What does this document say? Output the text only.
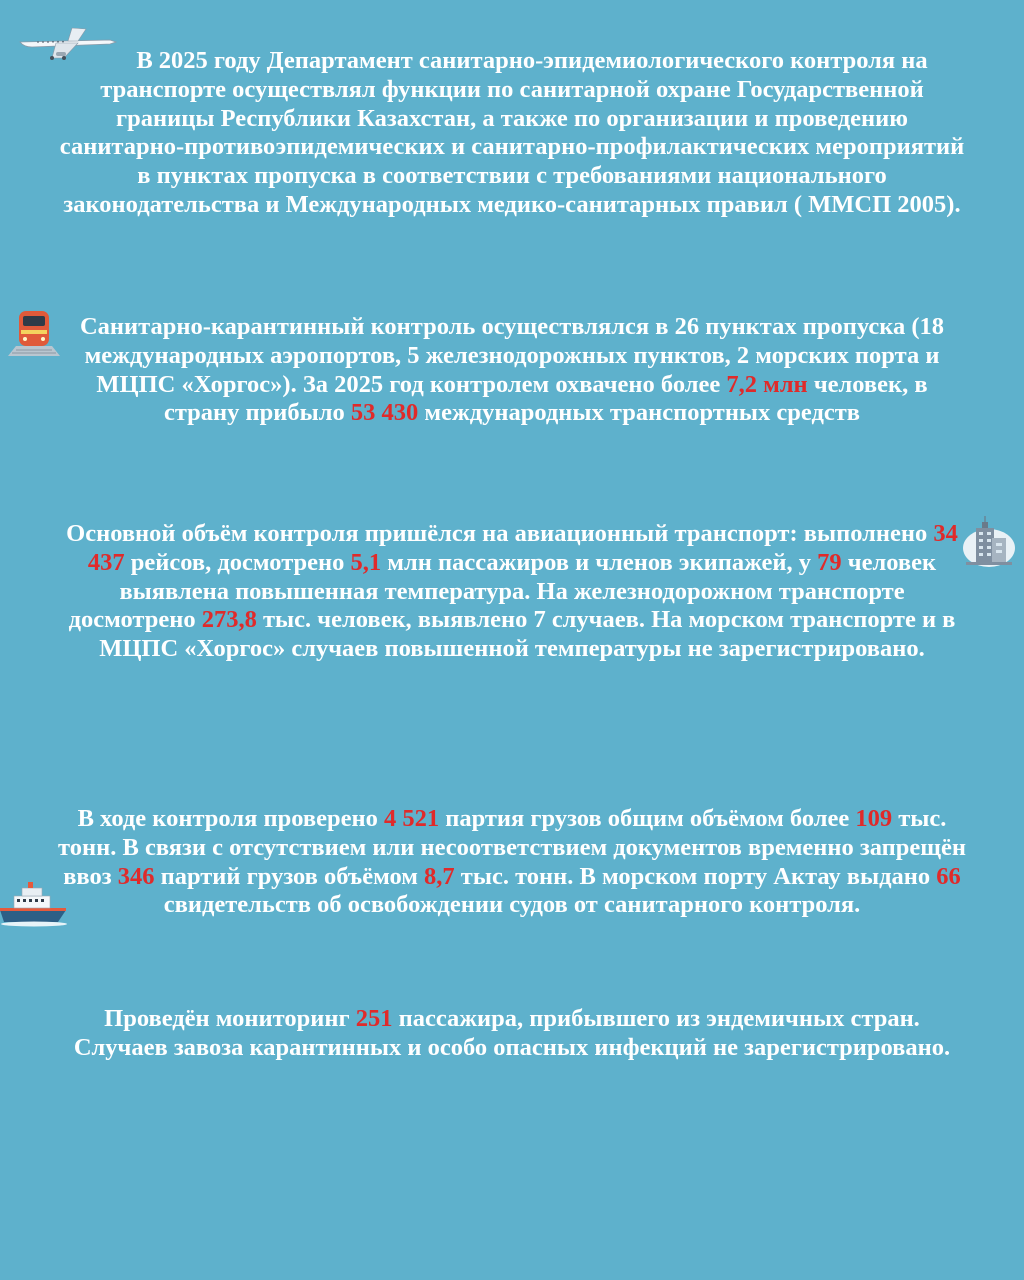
В 2025 году Департамент санитарно-эпидемиологического контроля на транспорте осуществлял функции по санитарной охране Государственной границы Республики Казахстан, а также по организации и проведению санитарно-противоэпидемических и санитарно-профилактических мероприятий в пунктах пропуска в соответствии с требованиями национального законодательства и Международных медико-санитарных правил ( ММСП 2005).

Санитарно-карантинный контроль осуществлялся в 26 пунктах пропуска (18 международных аэропортов, 5 железнодорожных пунктов, 2 морских порта и МЦПС «Хоргос»). За 2025 год контролем охвачено более 7,2 млн человек, в страну прибыло 53 430 международных транспортных средств

Основной объём контроля пришёлся на авиационный транспорт: выполнено 34 437 рейсов, досмотрено 5,1 млн пассажиров и членов экипажей, у 79 человек выявлена повышенная температура. На железнодорожном транспорте досмотрено 273,8 тыс. человек, выявлено 7 случаев. На морском транспорте и в МЦПС «Хоргос» случаев повышенной температуры не зарегистрировано.

В ходе контроля проверено 4 521 партия грузов общим объёмом более 109 тыс. тонн. В связи с отсутствием или несоответствием документов временно запрещён ввоз 346 партий грузов объёмом 8,7 тыс. тонн. В морском порту Актау выдано 66 свидетельств об освобождении судов от санитарного контроля.

Проведён мониторинг 251 пассажира, прибывшего из эндемичных стран. Случаев завоза карантинных и особо опасных инфекций не зарегистрировано.
